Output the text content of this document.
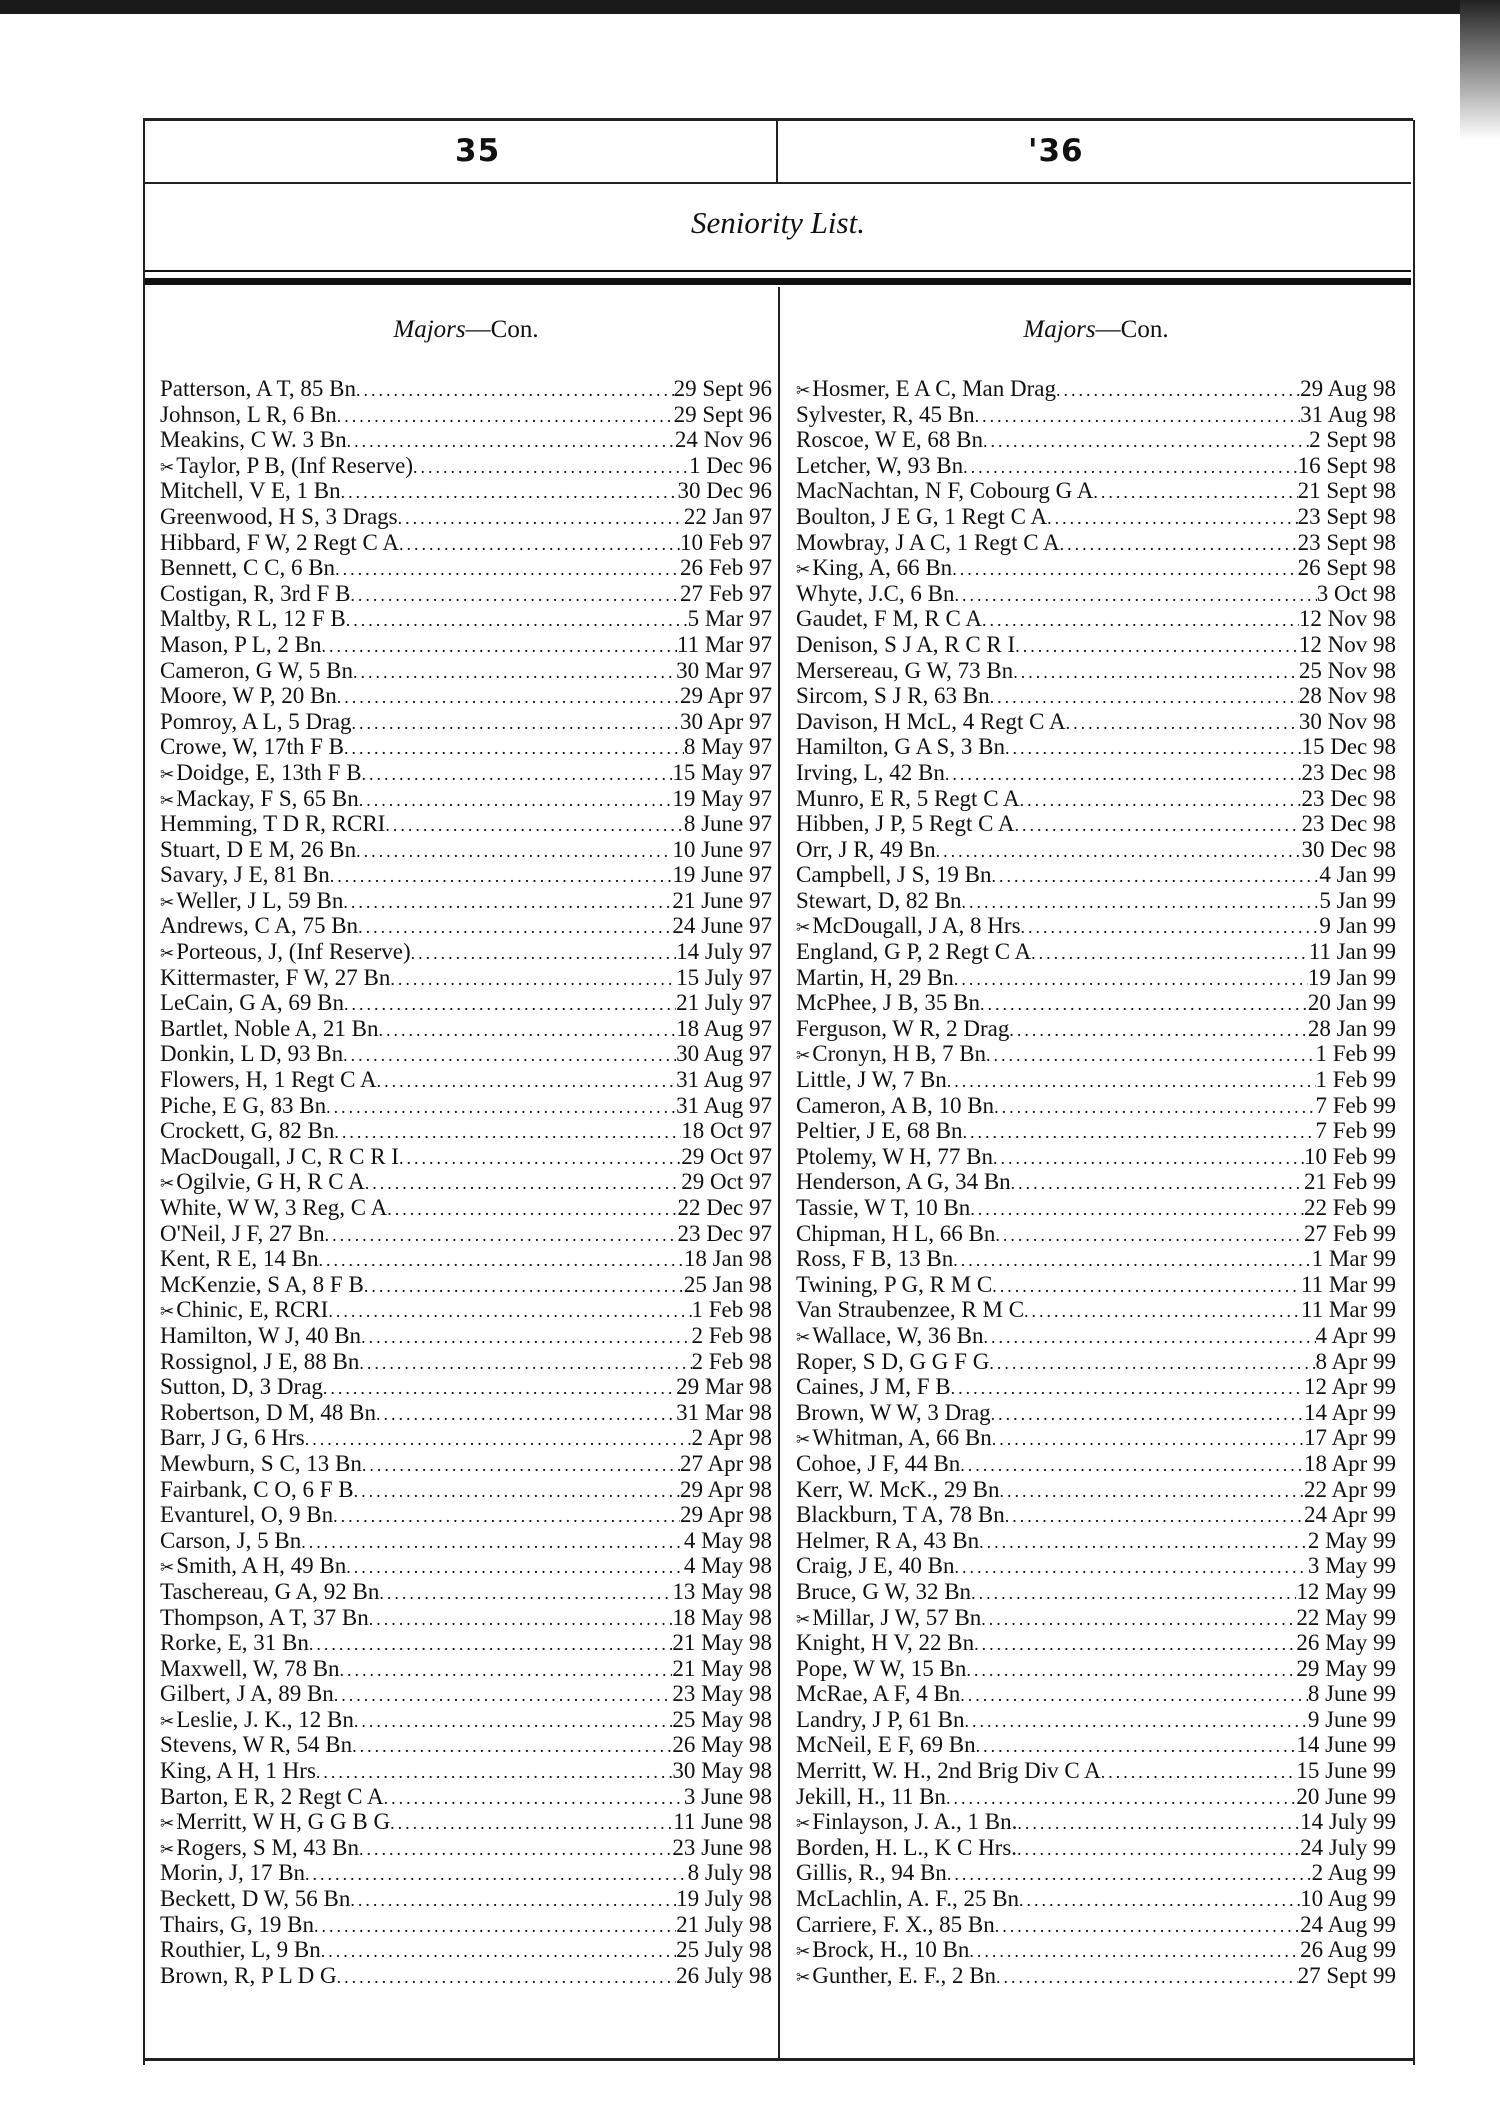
35	'36
Seniority List.
Majors—Con.
Patterson, A T, 85 Bn .....	29 Sept 96
Johnson, L R, 6 Bn .....	29 Sept 96
Meakins, C W. 3 Bn .....	24 Nov 96
✂ Taylor, P B, (Inf Reserve) .....	1 Dec 96
Mitchell, V E, 1 Bn .....	30 Dec 96
Greenwood, H S, 3 Drags .....	22 Jan 97
Hibbard, F W, 2 Regt C A .....	10 Feb 97
Bennett, C C, 6 Bn .....	26 Feb 97
Costigan, R, 3rd F B .....	27 Feb 97
Maltby, R L, 12 F B .....	5 Mar 97
Mason, P L, 2 Bn .....	11 Mar 97
Cameron, G W, 5 Bn .....	30 Mar 97
Moore, W P, 20 Bn .....	29 Apr 97
Pomroy, A L, 5 Drag .....	30 Apr 97
Crowe, W, 17th F B .....	8 May 97
✂ Doidge, E, 13th F B .....	15 May 97
✂ Mackay, F S, 65 Bn .....	19 May 97
Hemming, T D R, RCRI .....	8 June 97
Stuart, D E M, 26 Bn .....	10 June 97
Savary, J E, 81 Bn .....	19 June 97
✂ Weller, J L, 59 Bn .....	21 June 97
Andrews, C A, 75 Bn .....	24 June 97
✂ Porteous, J, (Inf Reserve) .....	14 July 97
Kittermaster, F W, 27 Bn .....	15 July 97
LeCain, G A, 69 Bn .....	21 July 97
Bartlet, Noble A, 21 Bn .....	18 Aug 97
Donkin, L D, 93 Bn .....	30 Aug 97
Flowers, H, 1 Regt C A .....	31 Aug 97
Piche, E G, 83 Bn .....	31 Aug 97
Crockett, G, 82 Bn .....	18 Oct 97
MacDougall, J C, R C R I .....	29 Oct 97
✂ Ogilvie, G H, R C A .....	29 Oct 97
White, W W, 3 Reg, C A .....	22 Dec 97
O'Neil, J F, 27 Bn .....	23 Dec 97
Kent, R E, 14 Bn .....	18 Jan 98
McKenzie, S A, 8 F B .....	25 Jan 98
✂ Chinic, E, RCRI .....	1 Feb 98
Hamilton, W J, 40 Bn .....	2 Feb 98
Rossignol, J E, 88 Bn .....	2 Feb 98
Sutton, D, 3 Drag .....	29 Mar 98
Robertson, D M, 48 Bn .....	31 Mar 98
Barr, J G, 6 Hrs .....	2 Apr 98
Mewburn, S C, 13 Bn .....	27 Apr 98
Fairbank, C O, 6 F B .....	29 Apr 98
Evanturel, O, 9 Bn .....	29 Apr 98
Carson, J, 5 Bn .....	4 May 98
✂ Smith, A H, 49 Bn .....	4 May 98
Taschereau, G A, 92 Bn .....	13 May 98
Thompson, A T, 37 Bn .....	18 May 98
Rorke, E, 31 Bn .....	21 May 98
Maxwell, W, 78 Bn .....	21 May 98
Gilbert, J A, 89 Bn .....	23 May 98
✂ Leslie, J. K., 12 Bn .....	25 May 98
Stevens, W R, 54 Bn .....	26 May 98
King, A H, 1 Hrs .....	30 May 98
Barton, E R, 2 Regt C A .....	3 June 98
✂ Merritt, W H, G G B G .....	11 June 98
✂ Rogers, S M, 43 Bn .....	23 June 98
Morin, J, 17 Bn .....	8 July 98
Beckett, D W, 56 Bn .....	19 July 98
Thairs, G, 19 Bn .....	21 July 98
Routhier, L, 9 Bn .....	25 July 98
Brown, R, P L D G .....	26 July 98
Majors—Con.
✂ Hosmer, E A C, Man Drag .....	29 Aug 98
Sylvester, R, 45 Bn .....	31 Aug 98
Roscoe, W E, 68 Bn .....	2 Sept 98
Letcher, W, 93 Bn .....	16 Sept 98
MacNachtan, N F, Cobourg G A .....	21 Sept 98
Boulton, J E G, 1 Regt C A .....	23 Sept 98
Mowbray, J A C, 1 Regt C A .....	23 Sept 98
✂ King, A, 66 Bn .....	26 Sept 98
Whyte, J.C, 6 Bn .....	3 Oct 98
Gaudet, F M, R C A .....	12 Nov 98
Denison, S J A, R C R I .....	12 Nov 98
Mersereau, G W, 73 Bn .....	25 Nov 98
Sircom, S J R, 63 Bn .....	28 Nov 98
Davison, H McL, 4 Regt C A .....	30 Nov 98
Hamilton, G A S, 3 Bn .....	15 Dec 98
Irving, L, 42 Bn .....	23 Dec 98
Munro, E R, 5 Regt C A .....	23 Dec 98
Hibben, J P, 5 Regt C A .....	23 Dec 98
Orr, J R, 49 Bn .....	30 Dec 98
Campbell, J S, 19 Bn .....	4 Jan 99
Stewart, D, 82 Bn .....	5 Jan 99
✂ McDougall, J A, 8 Hrs .....	9 Jan 99
England, G P, 2 Regt C A .....	11 Jan 99
Martin, H, 29 Bn .....	19 Jan 99
McPhee, J B, 35 Bn .....	20 Jan 99
Ferguson, W R, 2 Drag .....	28 Jan 99
✂ Cronyn, H B, 7 Bn .....	1 Feb 99
Little, J W, 7 Bn .....	1 Feb 99
Cameron, A B, 10 Bn .....	7 Feb 99
Peltier, J E, 68 Bn .....	7 Feb 99
Ptolemy, W H, 77 Bn .....	10 Feb 99
Henderson, A G, 34 Bn .....	21 Feb 99
Tassie, W T, 10 Bn .....	22 Feb 99
Chipman, H L, 66 Bn .....	27 Feb 99
Ross, F B, 13 Bn .....	1 Mar 99
Twining, P G, R M C .....	11 Mar 99
Van Straubenzee, R M C .....	11 Mar 99
✂ Wallace, W, 36 Bn .....	4 Apr 99
Roper, S D, G G F G .....	8 Apr 99
Caines, J M, F B .....	12 Apr 99
Brown, W W, 3 Drag .....	14 Apr 99
✂ Whitman, A, 66 Bn .....	17 Apr 99
Cohoe, J F, 44 Bn .....	18 Apr 99
Kerr, W. McK., 29 Bn .....	22 Apr 99
Blackburn, T A, 78 Bn .....	24 Apr 99
Helmer, R A, 43 Bn .....	2 May 99
Craig, J E, 40 Bn .....	3 May 99
Bruce, G W, 32 Bn .....	12 May 99
✂ Millar, J W, 57 Bn .....	22 May 99
Knight, H V, 22 Bn .....	26 May 99
Pope, W W, 15 Bn .....	29 May 99
McRae, A F, 4 Bn .....	8 June 99
Landry, J P, 61 Bn .....	9 June 99
McNeil, E F, 69 Bn .....	14 June 99
Merritt, W. H., 2nd Brig Div C A .....	15 June 99
Jekill, H., 11 Bn .....	20 June 99
✂ Finlayson, J. A., 1 Bn. .....	14 July 99
Borden, H. L., K C Hrs. .....	24 July 99
Gillis, R., 94 Bn .....	2 Aug 99
McLachlin, A. F., 25 Bn .....	10 Aug 99
Carriere, F. X., 85 Bn .....	24 Aug 99
✂ Brock, H., 10 Bn .....	26 Aug 99
✂ Gunther, E. F., 2 Bn .....	27 Sept 99
